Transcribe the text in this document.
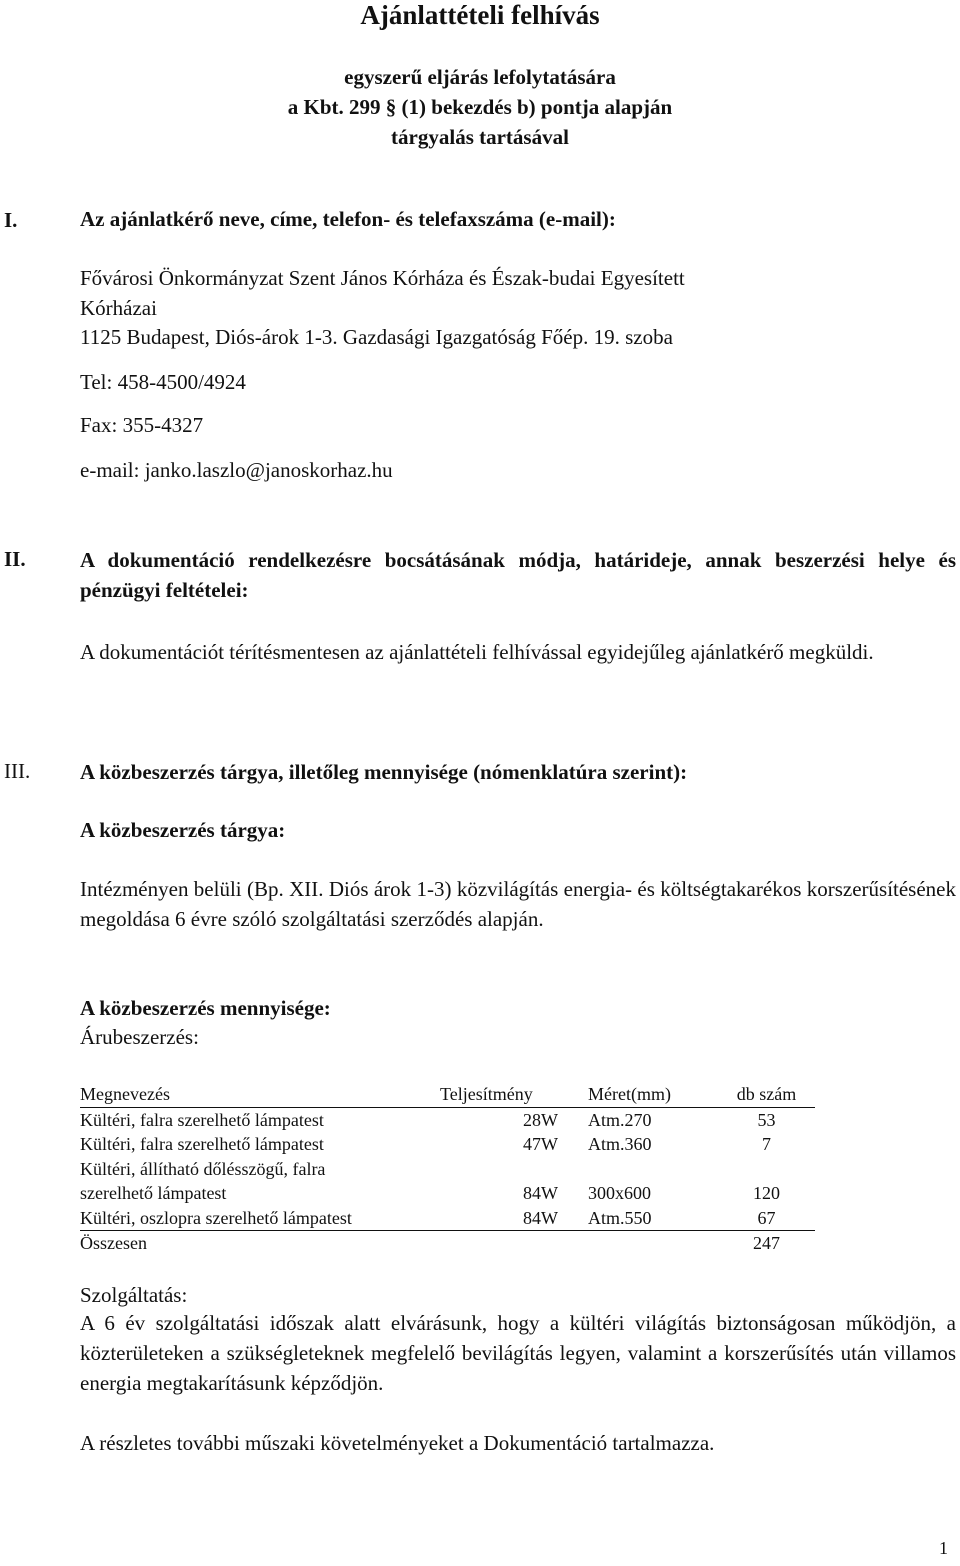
Ajánlattételi felhívás
egyszerű eljárás lefolytatására
a Kbt. 299 § (1) bekezdés b) pontja alapján
tárgyalás tartásával
I.	Az ajánlatkérő neve, címe, telefon- és telefaxszáma (e-mail):
Fővárosi Önkormányzat Szent János Kórháza és Észak-budai Egyesített
Kórházai
1125 Budapest, Diós-árok 1-3. Gazdasági Igazgatóság Főép. 19. szoba
Tel: 458-4500/4924
Fax: 355-4327
e-mail: janko.laszlo@janoskorhaz.hu
II.	A dokumentáció rendelkezésre bocsátásának módja, határideje, annak beszerzési helye és pénzügyi feltételei:
A dokumentációt térítésmentesen az ajánlattételi felhívással egyidejűleg ajánlatkérő megküldi.
III. A közbeszerzés tárgya, illetőleg mennyisége (nómenklatúra szerint):
A közbeszerzés tárgya:
Intézményen belüli (Bp. XII. Diós árok 1-3) közvilágítás energia- és költségtakarékos korszerűsítésének megoldása 6 évre szóló szolgáltatási szerződés alapján.
A közbeszerzés mennyisége:
Árubeszerzés:
Megnevezés	Teljesítmény	Méret(mm)	db szám
Kültéri, falra szerelhető lámpatest	28W	Atm.270	53
Kültéri, falra szerelhető lámpatest	47W	Atm.360	7
Kültéri, állítható dőlésszögű, falra			
szerelhető lámpatest	84W	300x600	120
Kültéri, oszlopra szerelhető lámpatest	84W	Atm.550	67
Összesen			247
Szolgáltatás:
A 6 év szolgáltatási időszak alatt elvárásunk, hogy a kültéri világítás biztonságosan működjön, a közterületeken a szükségleteknek megfelelő bevilágítás legyen, valamint a korszerűsítés után villamos energia megtakarításunk képződjön.
A részletes további műszaki követelményeket a Dokumentáció tartalmazza.
1
